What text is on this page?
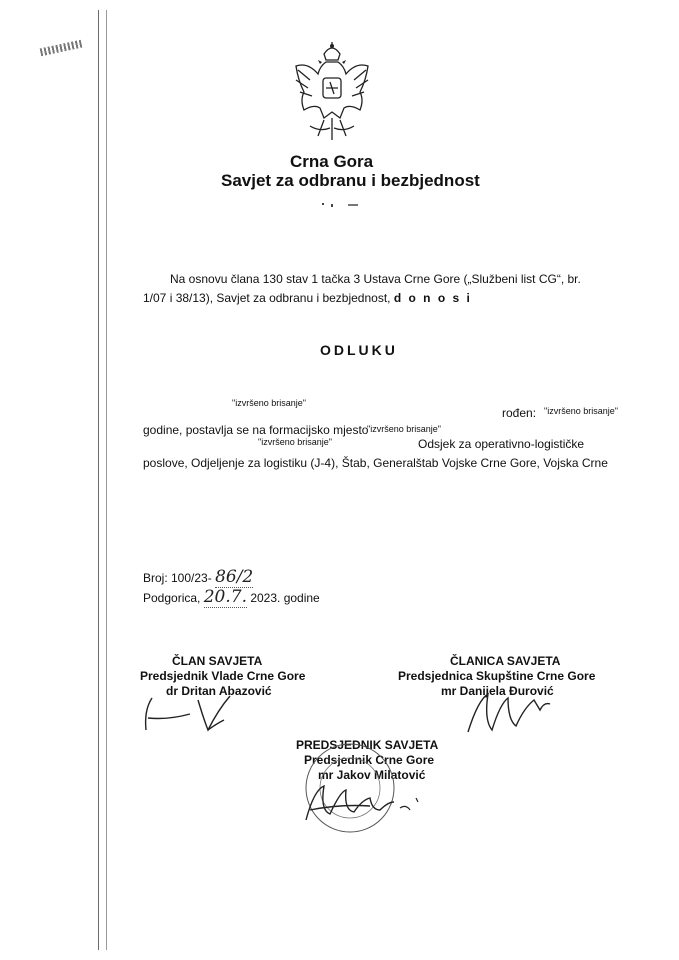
Crna Gora
Savjet za odbranu i bezbjednost
Na osnovu člana 130 stav 1 tačka 3 Ustava Crne Gore („Službeni list CG“, br.
1/07 i 38/13), Savjet za odbranu i bezbjednost, d o n o s i
ODLUKU
"izvršeno brisanje"
rođen: "izvršeno brisanje"
godine, postavlja se na formacijsko mjesto
"izvršeno brisanje"
"izvršeno brisanje"	Odsjek za operativno-logističke
poslove, Odjeljenje za logistiku (J-4), Štab, Generalštab Vojske Crne Gore, Vojska Crne
Broj: 100/23- 86/2
Podgorica, 20.7. 2023. godine
ČLAN SAVJETA
Predsjednik Vlade Crne Gore
dr Dritan Abazović
ČLANICA SAVJETA
Predsjednica Skupštine Crne Gore
mr Danijela Đurović
PREDSJEDNIK SAVJETA
Predsjednik Crne Gore
mr Jakov Milatović
